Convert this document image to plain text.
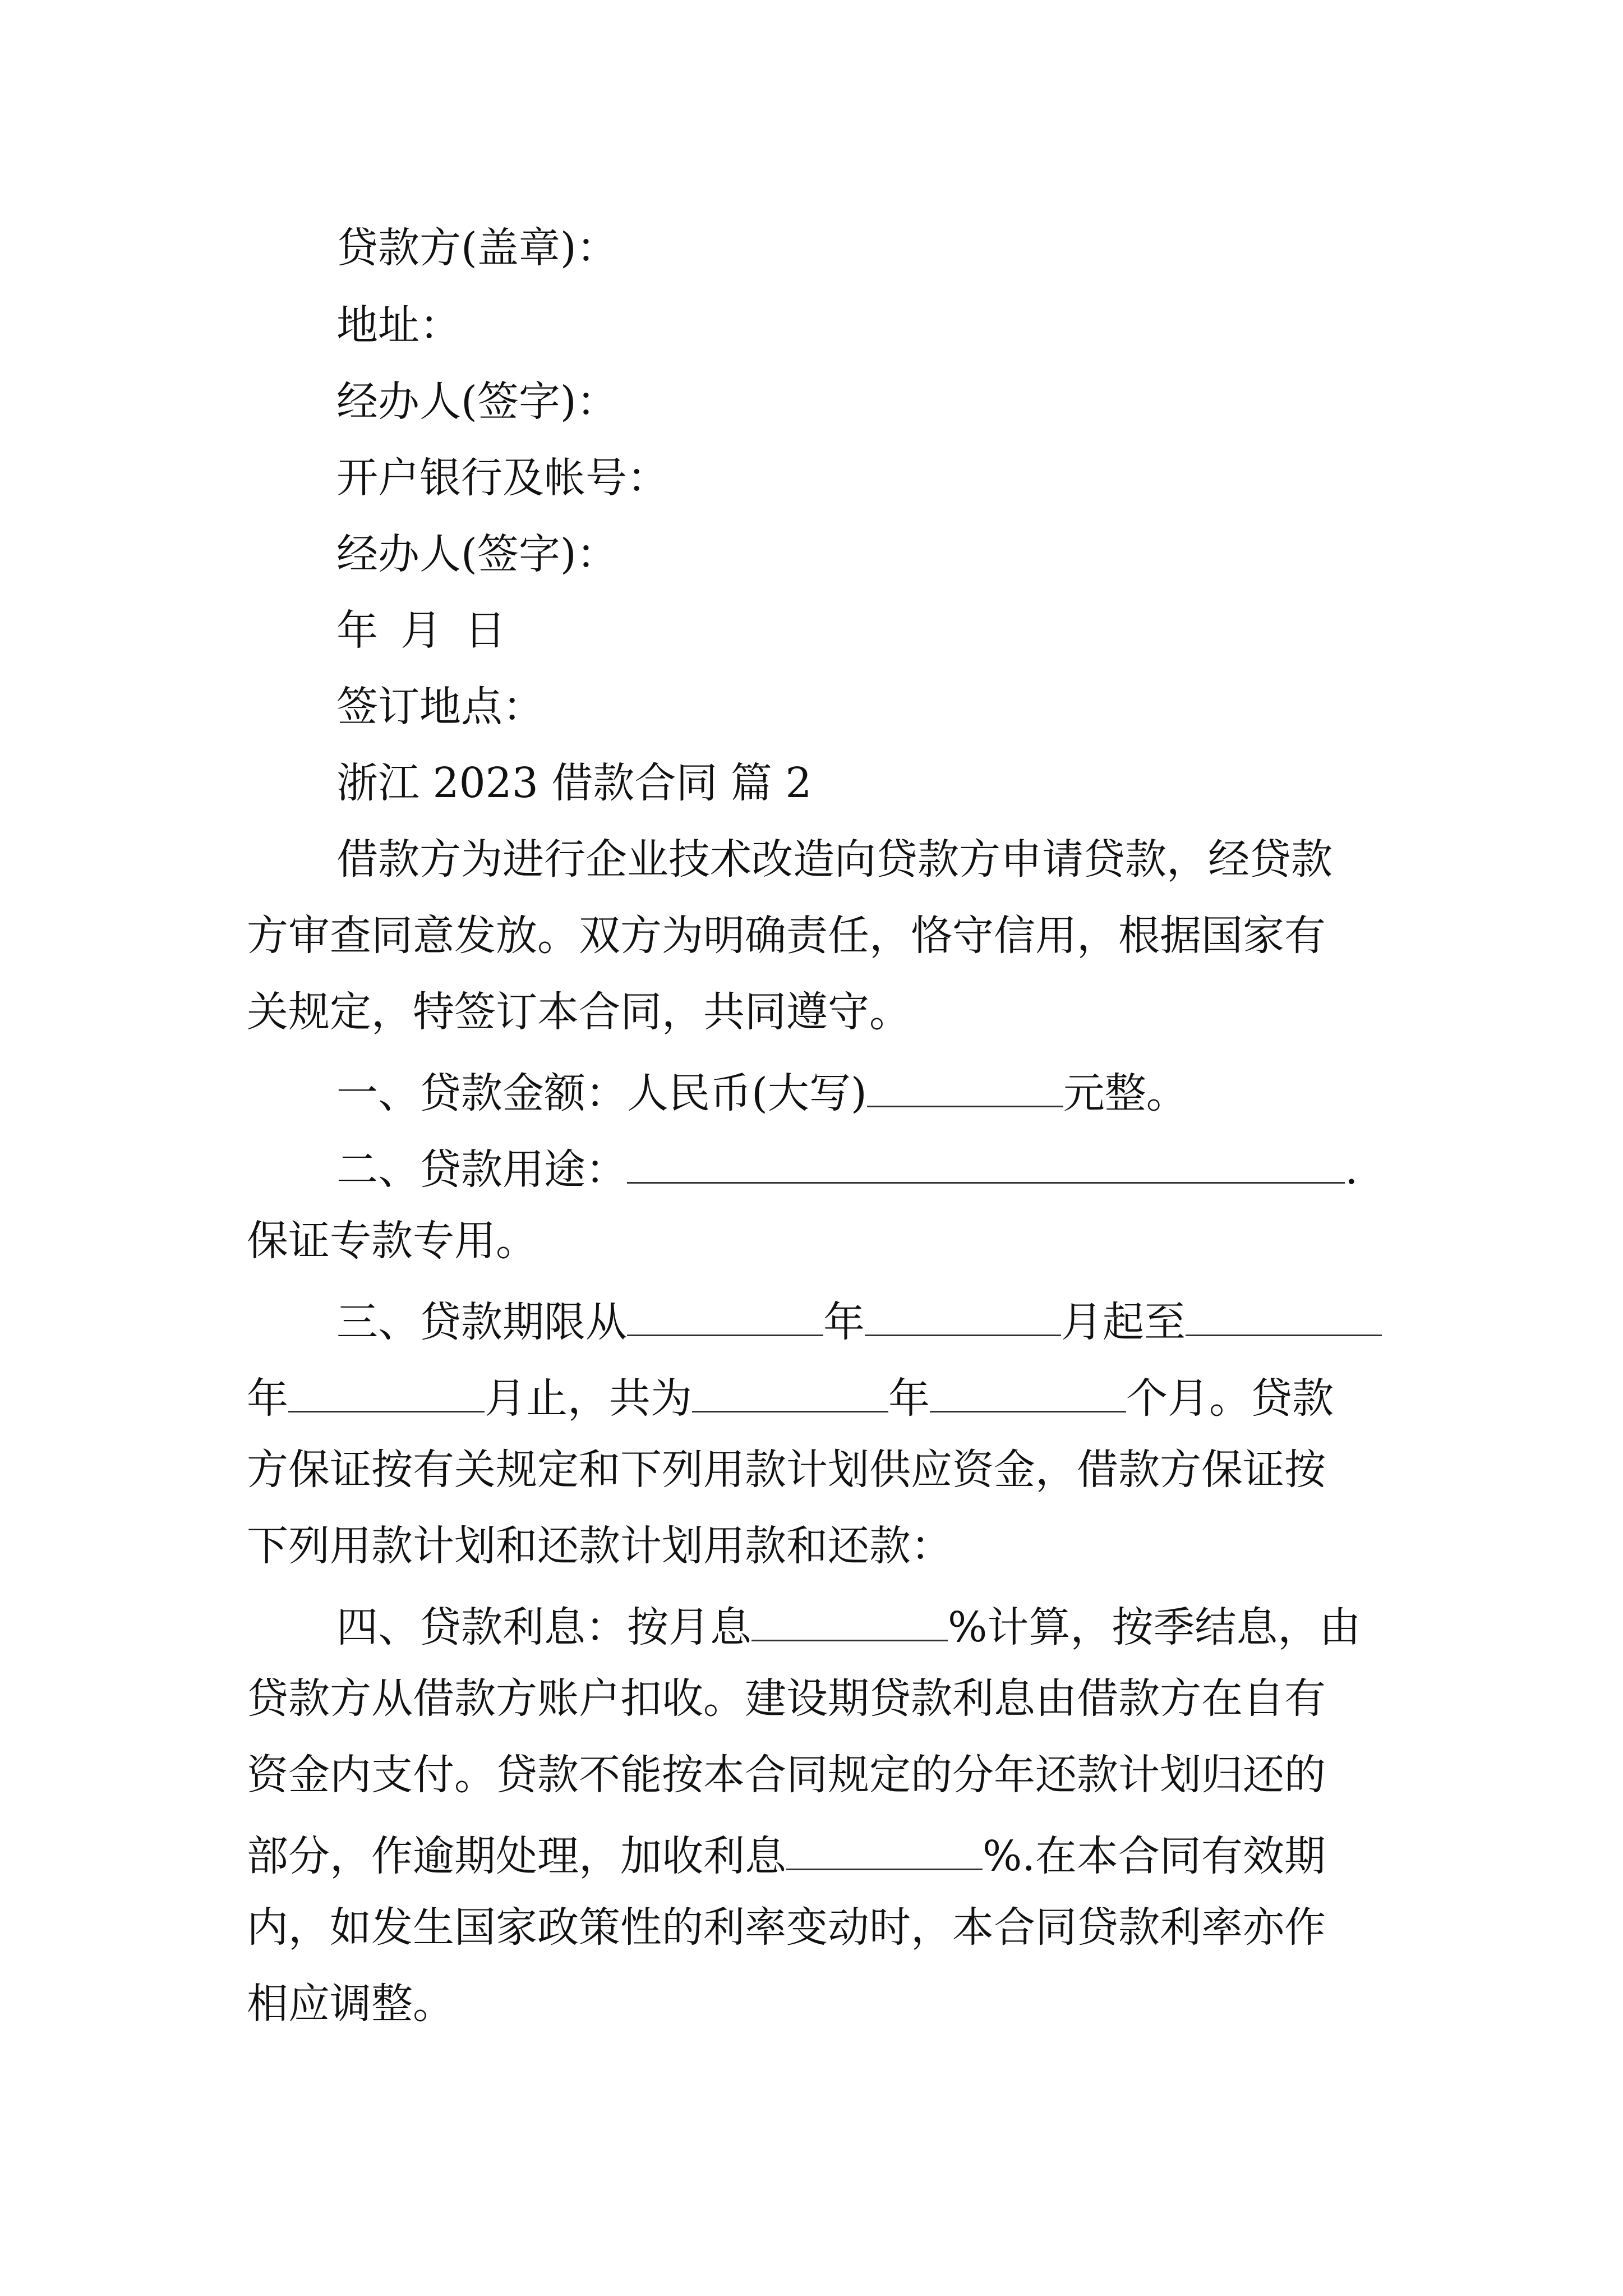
贷款方(盖章)：
地址：
经办人(签字)：
开户银行及帐号：
经办人(签字)：
年 月 日
签订地点：
浙江 2023 借款合同 篇 2
借款方为进行企业技术改造向贷款方申请贷款，经贷款
方审查同意发放。双方为明确责任，恪守信用，根据国家有
关规定，特签订本合同，共同遵守。
一、贷款金额：人民币(大写)	元整。
二、贷款用途：	.
保证专款专用。
三、贷款期限从	年	月起至
年	月止，共为	年	个月。贷款
方保证按有关规定和下列用款计划供应资金，借款方保证按
下列用款计划和还款计划用款和还款：
四、贷款利息：按月息	%计算，按季结息，由
贷款方从借款方账户扣收。建设期贷款利息由借款方在自有
资金内支付。贷款不能按本合同规定的分年还款计划归还的
部分，作逾期处理，加收利息	%.在本合同有效期
内，如发生国家政策性的利率变动时，本合同贷款利率亦作
相应调整。
